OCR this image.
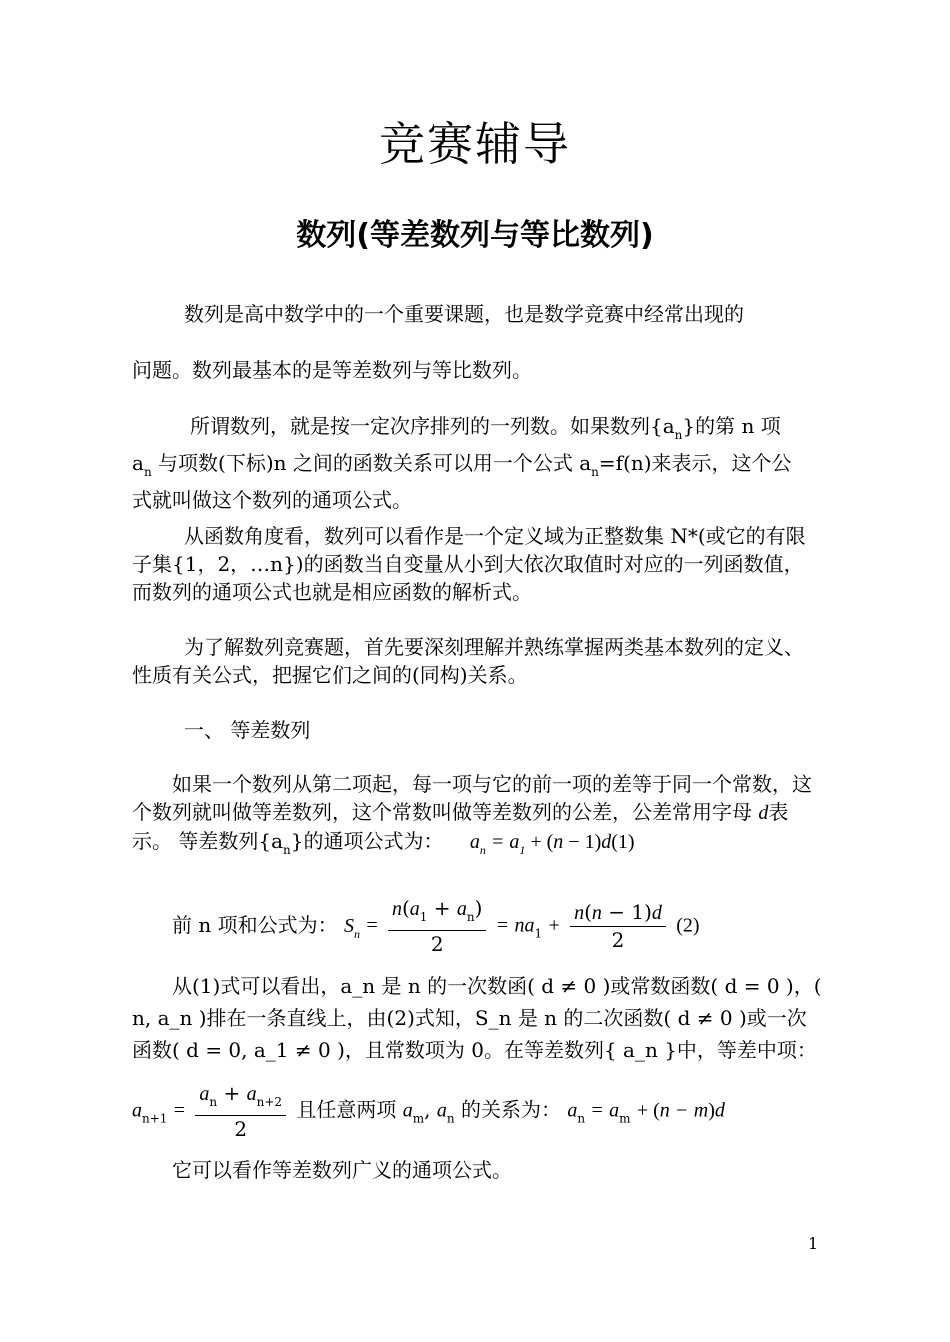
竞赛辅导
数列(等差数列与等比数列)
数列是高中数学中的一个重要课题，也是数学竞赛中经常出现的
问题。数列最基本的是等差数列与等比数列。
所谓数列，就是按一定次序排列的一列数。如果数列$\{a_n\}$的第 n 项
$a_n$ 与项数(下标)n 之间的函数关系可以用一个公式 $a_n=f(n)$来表示，这个公
式就叫做这个数列的通项公式。
从函数角度看，数列可以看作是一个定义域为正整数集 N*(或它的有限子集{1，2，…n})的函数当自变量从小到大依次取值时对应的一列函数值，而数列的通项公式也就是相应函数的解析式。
为了解数列竞赛题，首先要深刻理解并熟练掌握两类基本数列的定义、性质有关公式，把握它们之间的(同构)关系。
一、 等差数列
如果一个数列从第二项起，每一项与它的前一项的差等于同一个常数，这个数列就叫做等差数列，这个常数叫做等差数列的公差，公差常用字母 d表示。 等差数列$\{a_n\}$的通项公式为： $a_n = a_1 + (n - 1)d(1)$
前 n 项和公式为： $S_n = \frac{n(a_1 + a_n)}{2} = na_1 + \frac{n(n - 1)d}{2} (2)$
从(1)式可以看出，a_n 是 n 的一次数函( d ≠ 0 )或常数函数( d = 0 )，( n, a_n )排在一条直线上，由(2)式知，S_n 是 n 的二次函数( d ≠ 0 )或一次函数( d = 0, a_1 ≠ 0 )，且常数项为 0。在等差数列{ a_n }中，等差中项：
$a_{n+1} = \frac{a_n + a_{n+2}}{2}$ 且任意两项 $a_m$, $a_n$ 的关系为： $a_n = a_m + (n - m)d$
它可以看作等差数列广义的通项公式。
1
